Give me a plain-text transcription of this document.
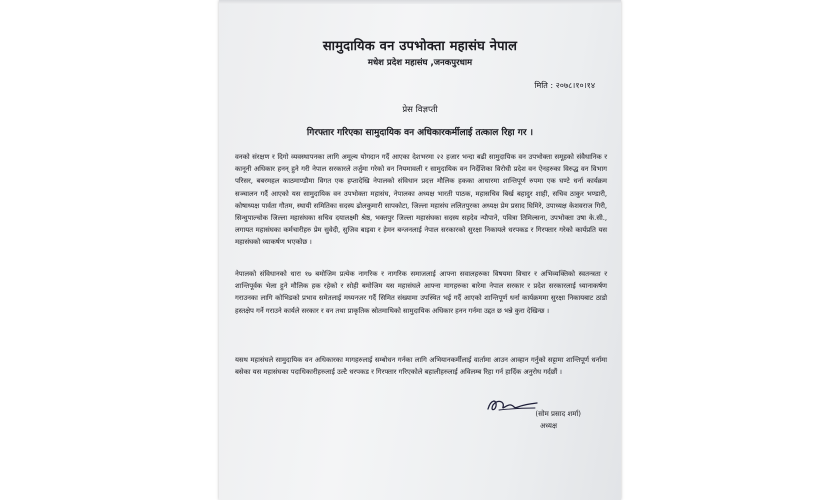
सामुदायिक वन उपभोक्ता महासंघ नेपाल
मधेश प्रदेश महासंघ ,जनकपुरधाम
मिति : २०७८।१०।१४
प्रेस विज्ञप्ती
गिरफ्तार गरिएका सामुदायिक वन अधिकारकर्मीलाई तत्काल रिहा गर ।
वनको संरक्षण र दिगो व्यवस्थापनका लागि अमूल्य योगदान गर्दै आएका देशभरमा २२ हजार भन्दा बढी सामुदायिक वन उपभोक्ता समूहको संवैधानिक र कानूनी अधिकार हनन् हुने गरी नेपाल सरकारले तर्जुमा गरेको वन नियमावली र सामुदायिक वन निर्देशिका विरोधी प्रदेश वन ऐनहरुका विरुद्ध वन विभाग परिसर, बबरमहल काठमाण्डौमा विगत एक हप्तादेखि नेपालको संविधान प्रदत्त मौलिक हकका आधारमा शान्तिपूर्ण रुपमा एक घण्टे धर्ना कार्यक्रम सञ्चालन गर्दै आएको यस सामुदायिक वन उपभोक्ता महासंघ, नेपालका अध्यक्ष भारती पाठक, महासचिव बिर्ख बहादुर शाही, सचिव ठाकुर भण्डारी, कोषाध्यक्ष पार्वता गौतम, स्थायी समितिका सदस्य ढोलकुमारी सापकोटा, जिल्ला महासंघ ललितपुरका अध्यक्ष प्रेम प्रसाद घिमिरे, उपाध्यक्ष केशवराज गिरी, सिन्धुपाल्चोक जिल्ला महासंघका सचिव दयालक्ष्मी श्रेष्ठ, भक्तपुर जिल्ला महासंघका सदस्य सहदेव न्यौपाने, पवित्रा तिमिल्सना, उपभोक्ता उषा के.सी., लगायत महासंघका कर्मचारीहरु प्रेम सुवेदी, सुजिव बाइवा र हेमन बन्जनलाई नेपाल सरकारको सुरक्षा निकायले धरपकड र गिरफ्तार गरेको कार्यप्रति यस महासंघको ध्याकर्षण भएकोछ ।
नेपालको संविधानको धारा १७ बमोजिम प्रत्येक नागरिक र नागरिक समाजलाई आफ्ना सवालहरुका विषयमा विचार र अभिव्यक्तिको स्वतन्त्रता र शान्तिपूर्वक भेला हुने मौलिक हक रहेको र सोही बमोजिम यस महासंघले आफ्ना मागहरुका बारेमा नेपाल सरकार र प्रदेश सरकारलाई ध्यानाकर्षण गराउनका लागि कोभिडको प्रभाव समेतलाई मध्यनजर गर्दै सिमित संख्यामा उपस्थित भई गर्दै आएको शान्तिपूर्ण धर्ना कार्यक्रममा सुरक्षा निकायबाट ठाडो हस्तक्षेप गर्ने गराउने कार्यले सरकार र वन तथा प्राकृतिक स्रोतमाथिको सामुदायिक अधिकार हनन गर्नमा उद्दत छ भन्ने कुरा देखिन्छ ।
यसथ महासंघले सामुदायिक वन अधिकारका मागहरुलाई सम्बोधन गर्नका लागि अभियानकर्मीलाई वार्तामा आउन आव्हान गर्नुको सट्टामा शान्तिपूर्ण धर्नामा बसेका यस महासंघका पदाधिकारीहरुलाई उल्टै धरपकड र गिरफ्तार गरिएकोले बहालीहरुलाई अविलम्ब रिहा गर्न हार्दिक अनुरोध गर्दछौं ।
(सोम प्रसाद शर्मा)
अध्यक्ष
